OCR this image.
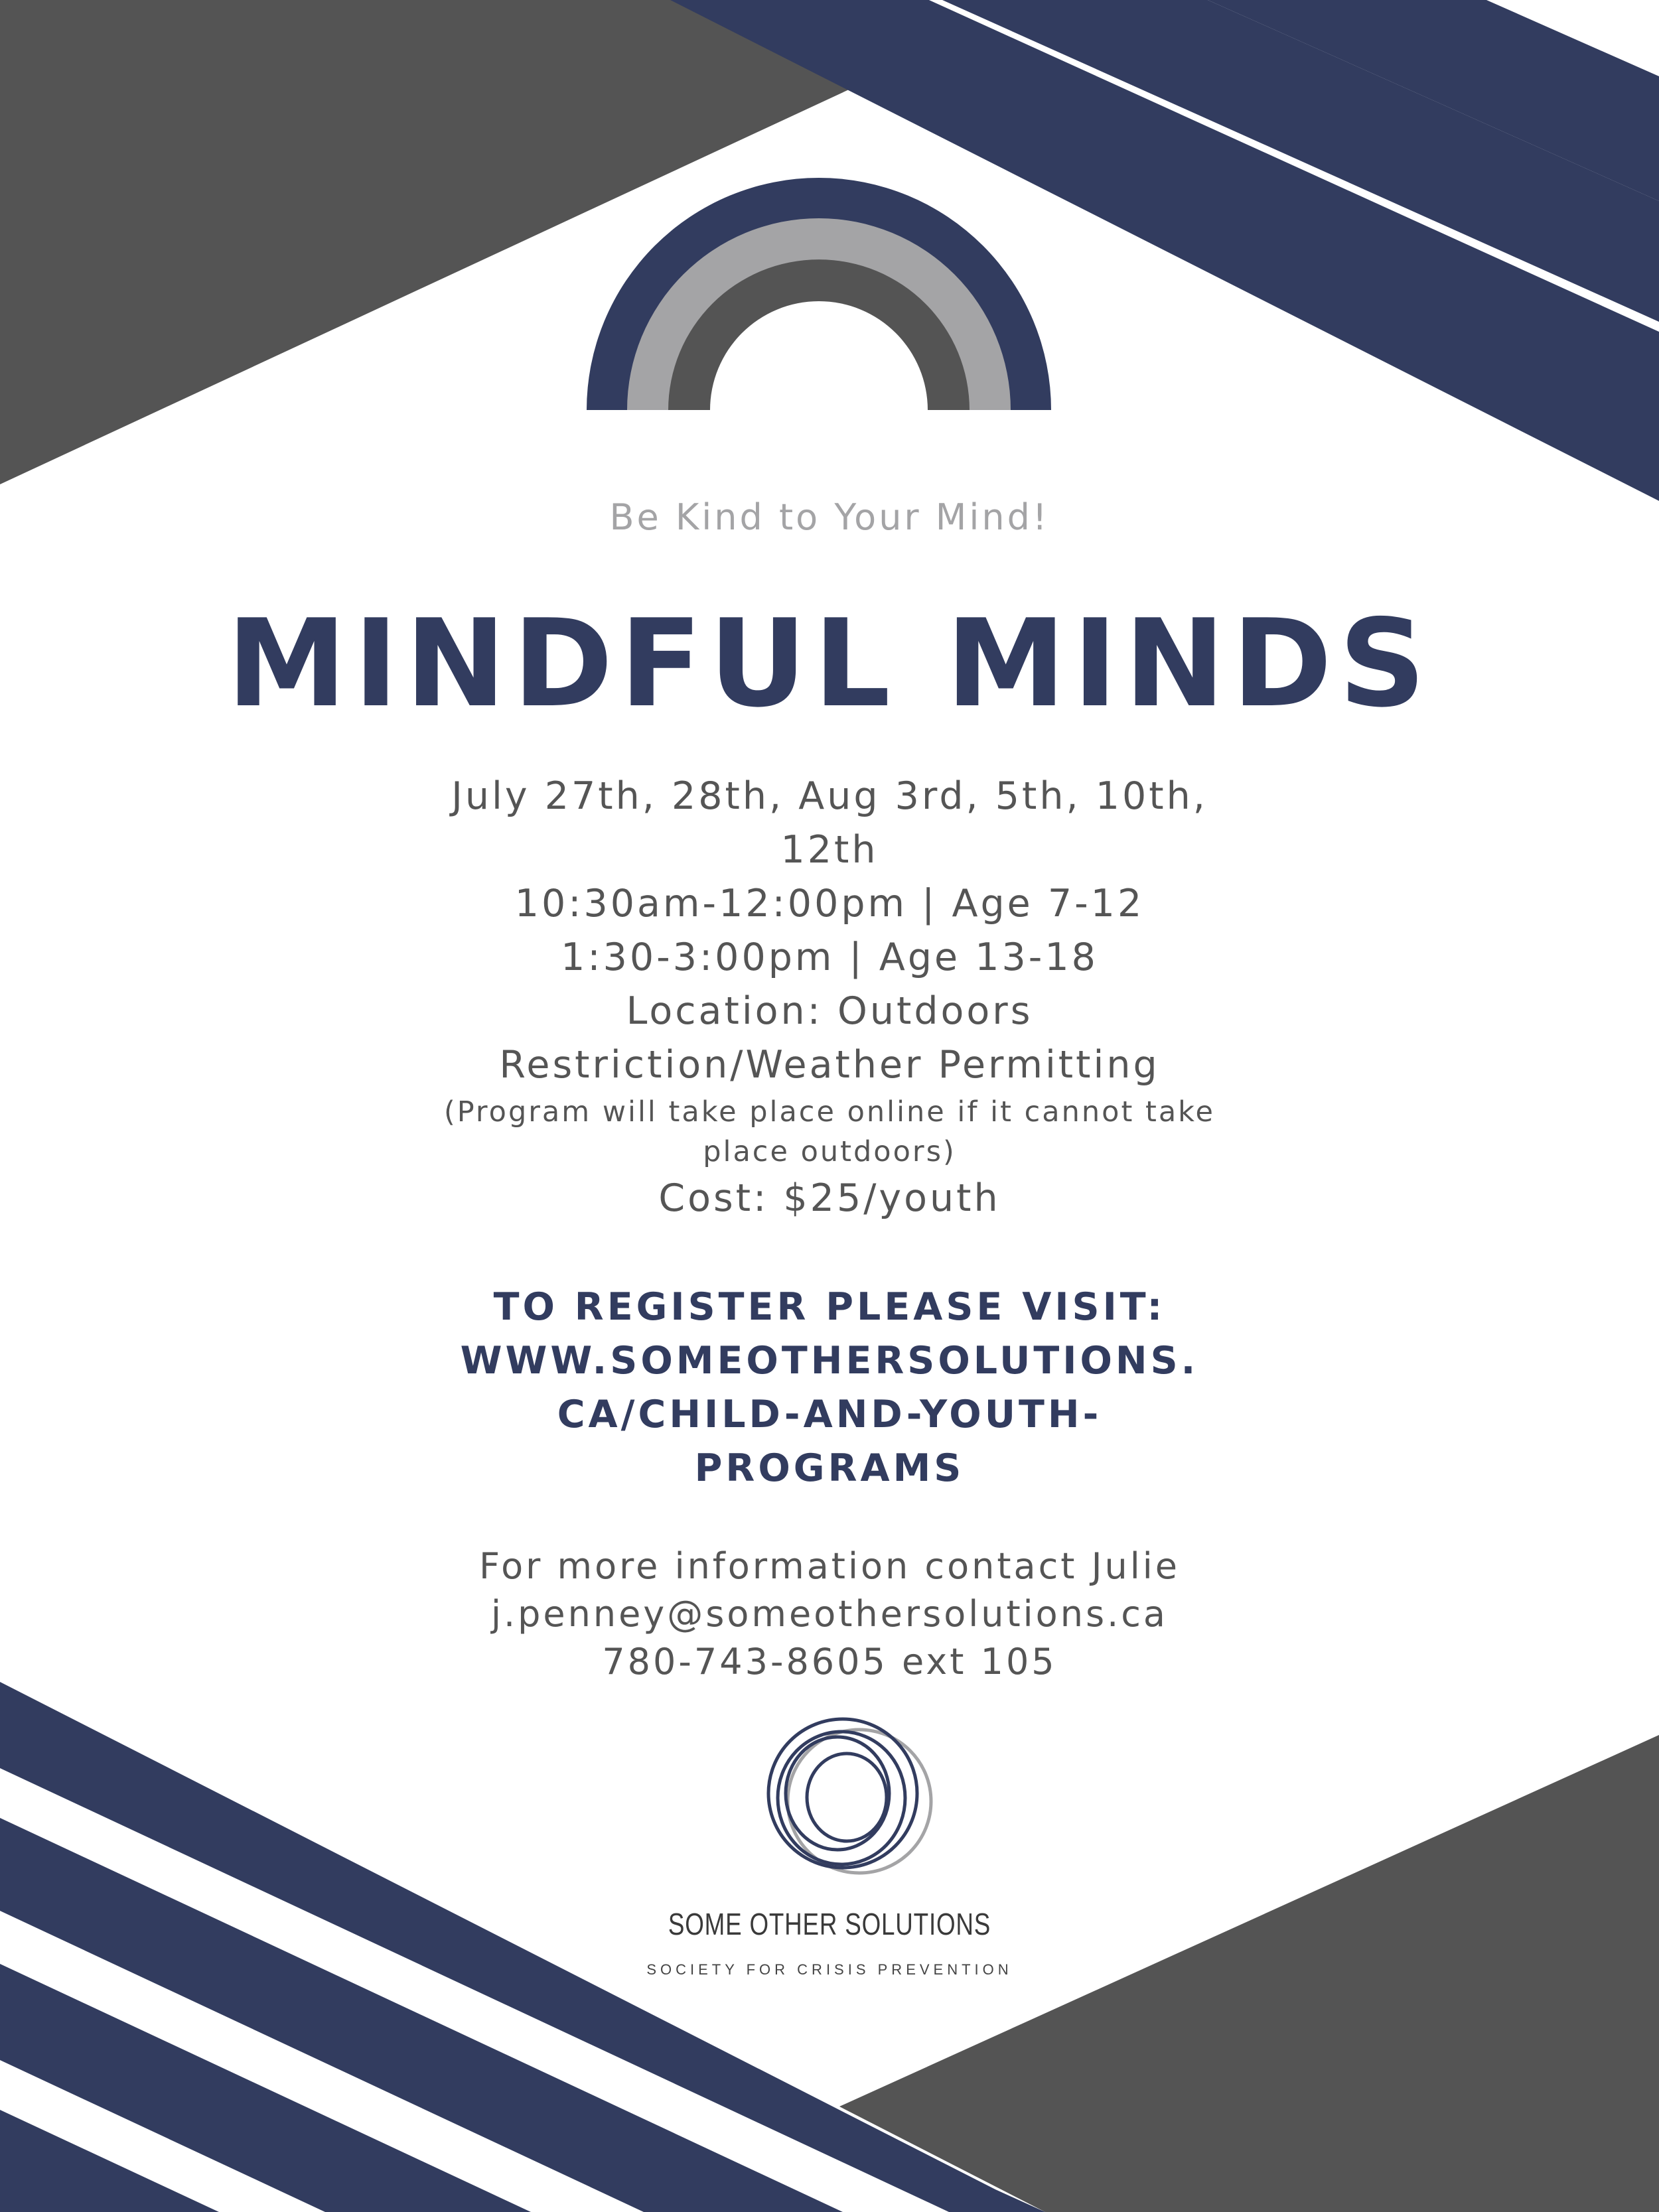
Be Kind to Your Mind!

MINDFUL MINDS
July 27th, 28th, Aug 3rd, 5th, 10th,
12th
10:30am-12:00pm | Age 7-12
1:30-3:00pm | Age 13-18
Location: Outdoors
Restriction/Weather Permitting
(Program will take place online if it cannot take
place outdoors)
Cost: $25/youth
TO REGISTER PLEASE VISIT:
WWW.SOMEOTHERSOLUTIONS.
CA/CHILD-AND-YOUTH-
PROGRAMS
For more information contact Julie
j.penney@someothersolutions.ca
780-743-8605 ext 105

SOME OTHER SOLUTIONS

SOCIETY FOR CRISIS PREVENTION
